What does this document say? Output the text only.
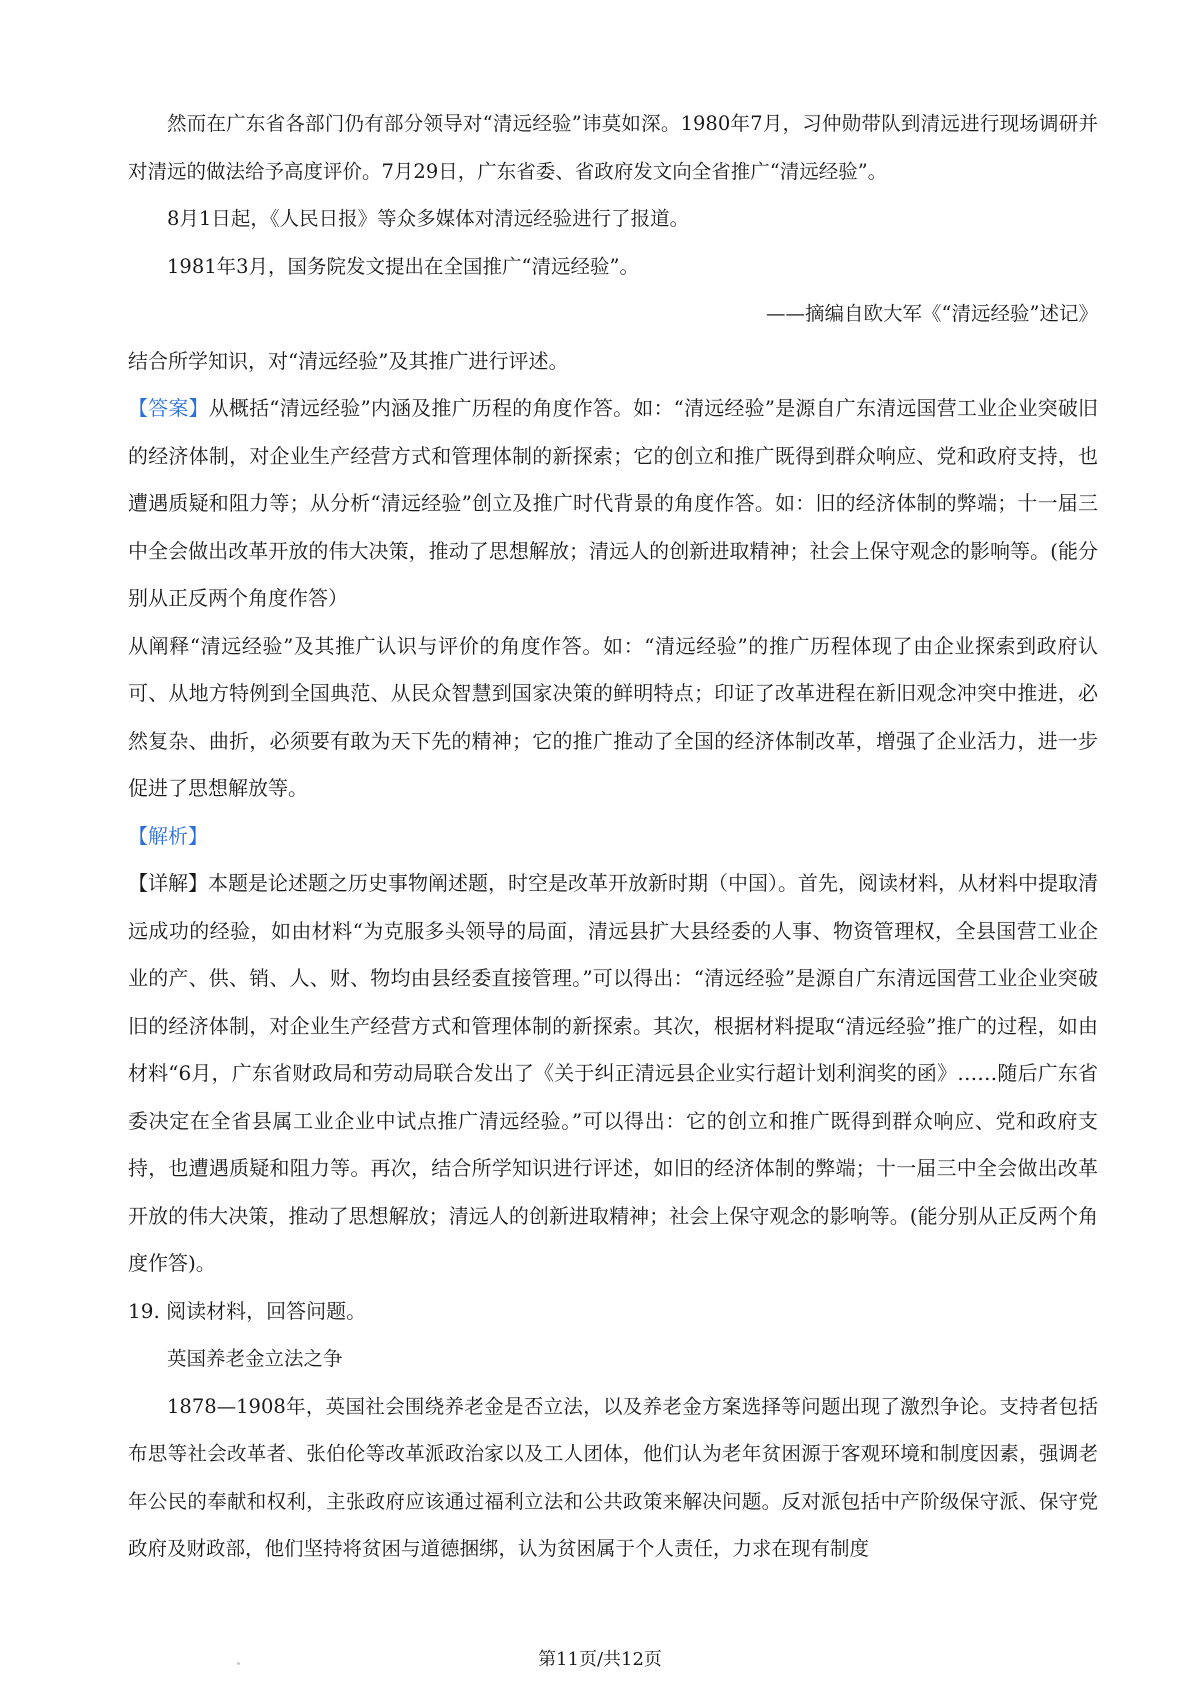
然而在广东省各部门仍有部分领导对“清远经验”讳莫如深。1980年7月，习仲勋带队到清远进行现场调研并对清远的做法给予高度评价。7月29日，广东省委、省政府发文向全省推广“清远经验”。

8月1日起，《人民日报》等众多媒体对清远经验进行了报道。

1981年3月，国务院发文提出在全国推广“清远经验”。

——摘编自欧大军《“清远经验”述记》

结合所学知识，对“清远经验”及其推广进行评述。

【答案】从概括“清远经验”内涵及推广历程的角度作答。如：“清远经验”是源自广东清远国营工业企业突破旧的经济体制，对企业生产经营方式和管理体制的新探索；它的创立和推广既得到群众响应、党和政府支持，也遭遇质疑和阻力等；从分析“清远经验”创立及推广时代背景的角度作答。如：旧的经济体制的弊端；十一届三中全会做出改革开放的伟大决策，推动了思想解放；清远人的创新进取精神；社会上保守观念的影响等。(能分别从正反两个角度作答）

从阐释“清远经验”及其推广认识与评价的角度作答。如：“清远经验”的推广历程体现了由企业探索到政府认可、从地方特例到全国典范、从民众智慧到国家决策的鲜明特点；印证了改革进程在新旧观念冲突中推进，必然复杂、曲折，必须要有敢为天下先的精神；它的推广推动了全国的经济体制改革，增强了企业活力，进一步促进了思想解放等。

【解析】

【详解】本题是论述题之历史事物阐述题，时空是改革开放新时期（中国）。首先，阅读材料，从材料中提取清远成功的经验，如由材料“为克服多头领导的局面，清远县扩大县经委的人事、物资管理权，全县国营工业企业的产、供、销、人、财、物均由县经委直接管理。”可以得出：“清远经验”是源自广东清远国营工业企业突破旧的经济体制，对企业生产经营方式和管理体制的新探索。其次，根据材料提取“清远经验”推广的过程，如由材料“6月，广东省财政局和劳动局联合发出了《关于纠正清远县企业实行超计划利润奖的函》……随后广东省委决定在全省县属工业企业中试点推广清远经验。”可以得出：它的创立和推广既得到群众响应、党和政府支持，也遭遇质疑和阻力等。再次，结合所学知识进行评述，如旧的经济体制的弊端；十一届三中全会做出改革开放的伟大决策，推动了思想解放；清远人的创新进取精神；社会上保守观念的影响等。(能分别从正反两个角度作答)。

19. 阅读材料，回答问题。

英国养老金立法之争

1878—1908年，英国社会围绕养老金是否立法，以及养老金方案选择等问题出现了激烈争论。支持者包括布思等社会改革者、张伯伦等改革派政治家以及工人团体，他们认为老年贫困源于客观环境和制度因素，强调老年公民的奉献和权利，主张政府应该通过福利立法和公共政策来解决问题。反对派包括中产阶级保守派、保守党政府及财政部，他们坚持将贫困与道德捆绑，认为贫困属于个人责任，力求在现有制度

第11页/共12页
